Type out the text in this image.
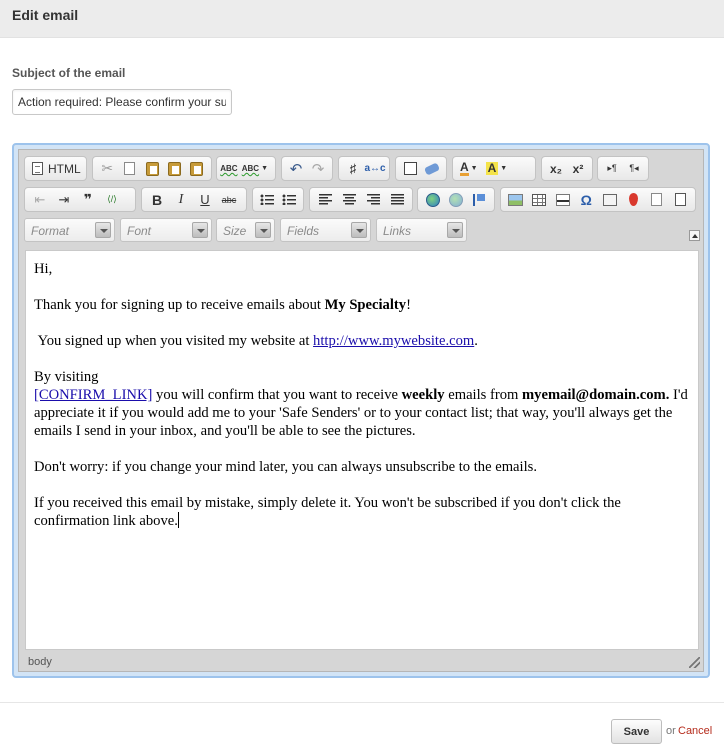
Edit email
Subject of the email
Action required: Please confirm your subscription
HTML ✂	ABC ABC ▼ ↶ ↷ ♯ a↔c	A ▼ A ▼	x₂ x²	▸¶ ¶◂
⇤ ⇥ ❞ ⟨/⟩	B I U abc	Ω
Format	Font	Size	Fields	Links

Hi,

Thank you for signing up to receive emails about My Specialty!

You signed up when you visited my website at http://www.mywebsite.com.

By visiting

[CONFIRM_LINK] you will confirm that you want to receive weekly emails from myemail@domain.com. I'd appreciate it if you would add me to your 'Safe Senders' or to your contact list; that way, you'll always get the emails I send in your inbox, and you'll be able to see the pictures.

Don't worry: if you change your mind later, you can always unsubscribe to the emails.

If you received this email by mistake, simply delete it. You won't be subscribed if you don't click the confirmation link above.

body
Save	or Cancel
